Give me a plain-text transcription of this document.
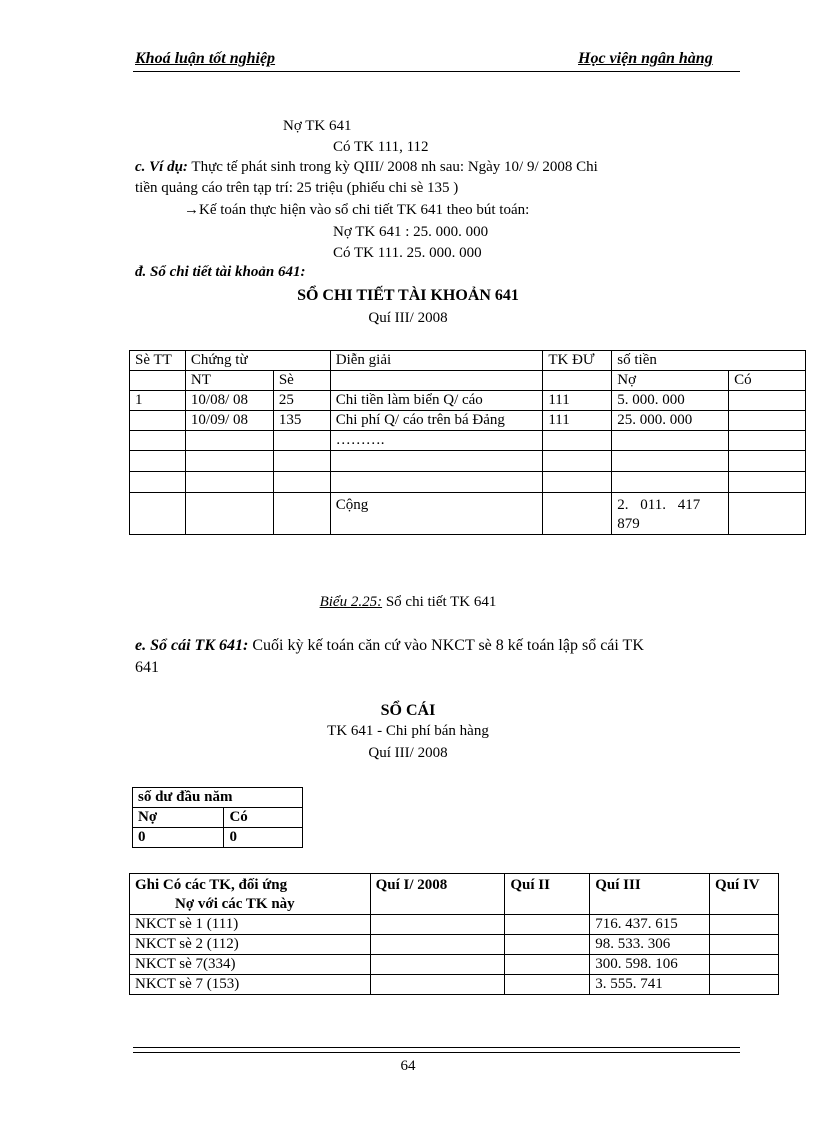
Khoá luận tốt nghiệp	Học viện ngân hàng
Nợ TK 641
Có TK 111, 112
c. Ví dụ: Thực tế phát sinh trong kỳ QIII/ 2008 nh sau: Ngày 10/ 9/ 2008 Chi
tiền quảng cáo trên tạp trí: 25 triệu (phiếu chi sè 135 )
→Kế toán thực hiện vào sổ chi tiết TK 641 theo bút toán:
Nợ TK 641 : 25. 000. 000
Có TK 111. 25. 000. 000
đ. Sổ chi tiết tài khoản 641:
SỔ CHI TIẾT TÀI KHOẢN 641
Quí III/ 2008
Sè TT	Chứng từ		Diễn giải	TK ĐƯ	số tiền	
	NT	Sè			Nợ	Có
1	10/08/ 08	25	Chi tiền làm biển Q/ cáo	111	5. 000. 000	
	10/09/ 08	135	Chi phí Q/ cáo trên bá Đảng	111	25. 000. 000	
			……….			

			Cộng		2. 011. 417 879	
Biểu 2.25: Sổ chi tiết TK 641
e. Sổ cái TK 641: Cuối kỳ kế toán căn cứ vào NKCT sè 8 kế toán lập sổ cái TK
641
SỔ CÁI
TK 641 - Chi phí bán hàng
Quí III/ 2008
số dư đầu năm	
Nợ	Có
0	0
Ghi Có các TK, đối ứng
Nợ với các TK này	Quí I/ 2008	Quí II	Quí III	Quí IV
NKCT sè 1 (111)			716. 437. 615	
NKCT sè 2 (112)			98. 533. 306	
NKCT sè 7(334)			300. 598. 106	
NKCT sè 7 (153)			3. 555. 741	
64
